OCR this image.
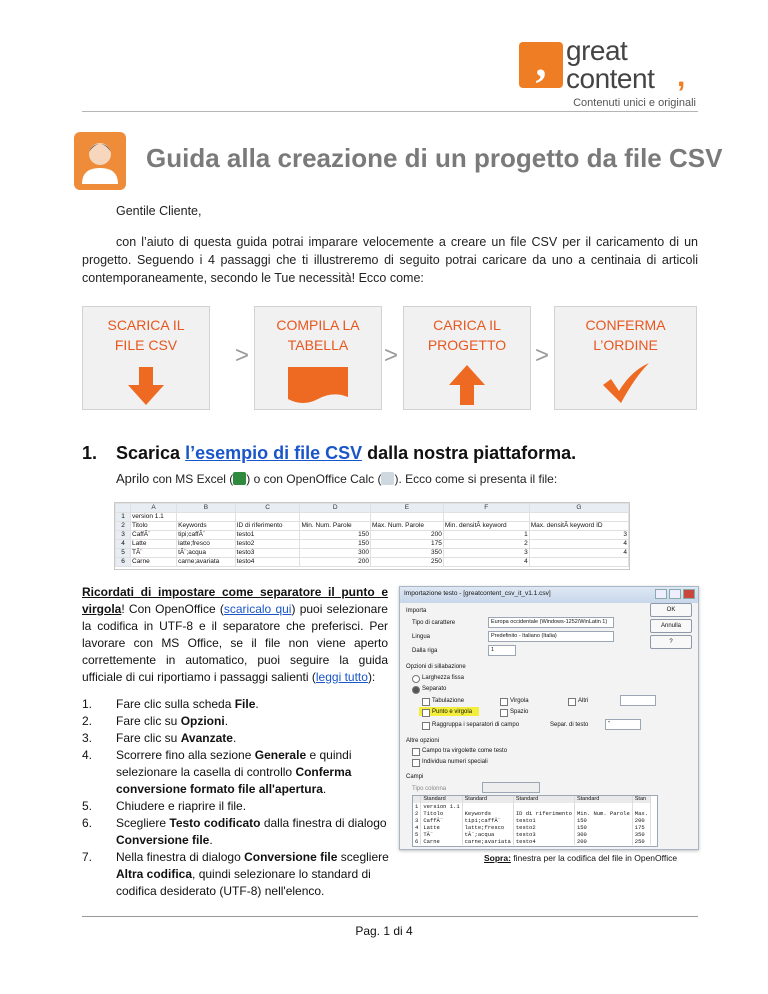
, great
content ,
Contenuti unici e originali
Guida alla creazione di un progetto da file CSV
Gentile Cliente,
con l’aiuto di questa guida potrai imparare velocemente a creare un file CSV per il caricamento di un progetto. Seguendo i 4 passaggi che ti illustreremo di seguito potrai caricare da uno a centinaia di articoli contemporaneamente, secondo le Tue necessità! Ecco come:
SCARICA IL
FILE CSV	>
COMPILA LA
TABELLA	>
CARICA IL
PROGETTO	>
CONFERMA
L’ORDINE
1. Scarica l’esempio di file CSV dalla nostra piattaforma.
Aprilo con MS Excel ( ) o con OpenOffice Calc ( ). Ecco come si presenta il file:
	A	B	C	D	E	F	G
1	version 1.1						
2	Titolo	Keywords	ID di riferimento	Min. Num. Parole	Max. Num. Parole	Min. densitÃ keyword	Max. densitÃ keyword ID
3	CaffÃ¨	tipi;caffÃ¨	testo1	150	200	1	3
4	Latte	latte;fresco	testo2	150	175	2	4
5	TÃ¨	tÃ¨;acqua	testo3	300	350	3	4
6	Carne	carne;avariata	testo4	200	250	4	
Ricordati di impostare come separatore il punto e virgola! Con OpenOffice (scaricalo qui) puoi selezionare la codifica in UTF-8 e il separatore che preferisci. Per lavorare con MS Office, se il file non viene aperto correttemente in automatico, puoi seguire la guida ufficiale di cui riportiamo i passaggi salienti (leggi tutto):
1.	Fare clic sulla scheda File.
2.	Fare clic su Opzioni.
3.	Fare clic su Avanzate.
4.	Scorrere fino alla sezione Generale e quindi selezionare la casella di controllo Conferma conversione formato file all'apertura.
5.	Chiudere e riaprire il file.
6.	Scegliere Testo codificato dalla finestra di dialogo Conversione file.
7.	Nella finestra di dialogo Conversione file scegliere Altra codifica, quindi selezionare lo standard di codifica desiderato (UTF-8) nell'elenco.
Importazione testo - [greatcontent_csv_it_v1.1.csv]
Importa
Tipo di carattere	Europa occidentale (Windows-1252/WinLatin 1)
Lingua	Predefinito - Italiano (Italia)
Dalla riga	1
OK
Annulla
?
Opzioni di sillabazione
Larghezza fissa
Separato
Tabulazione	Virgola	Altri
Punto e virgola	Spazio
Raggruppa i separatori di campo	Separ. di testo	"
Altre opzioni
Campo tra virgolette come testo
Individua numeri speciali
Campi
Tipo colonna
	Standard	Standard	Standard	Standard	Stan
1	version 1.1				
2	Titolo	Keywords	ID di riferimento	Min. Num. Parole	Max.
3	CaffÃ¨	tipi;caffÃ¨	testo1	150	200
4	Latte	latte;fresco	testo2	150	175
5	TÃ¨	tÃ¨;acqua	testo3	300	350
6	Carne	carne;avariata	testo4	200	250
Sopra: finestra per la codifica del file in OpenOffice
Pag. 1 di 4
